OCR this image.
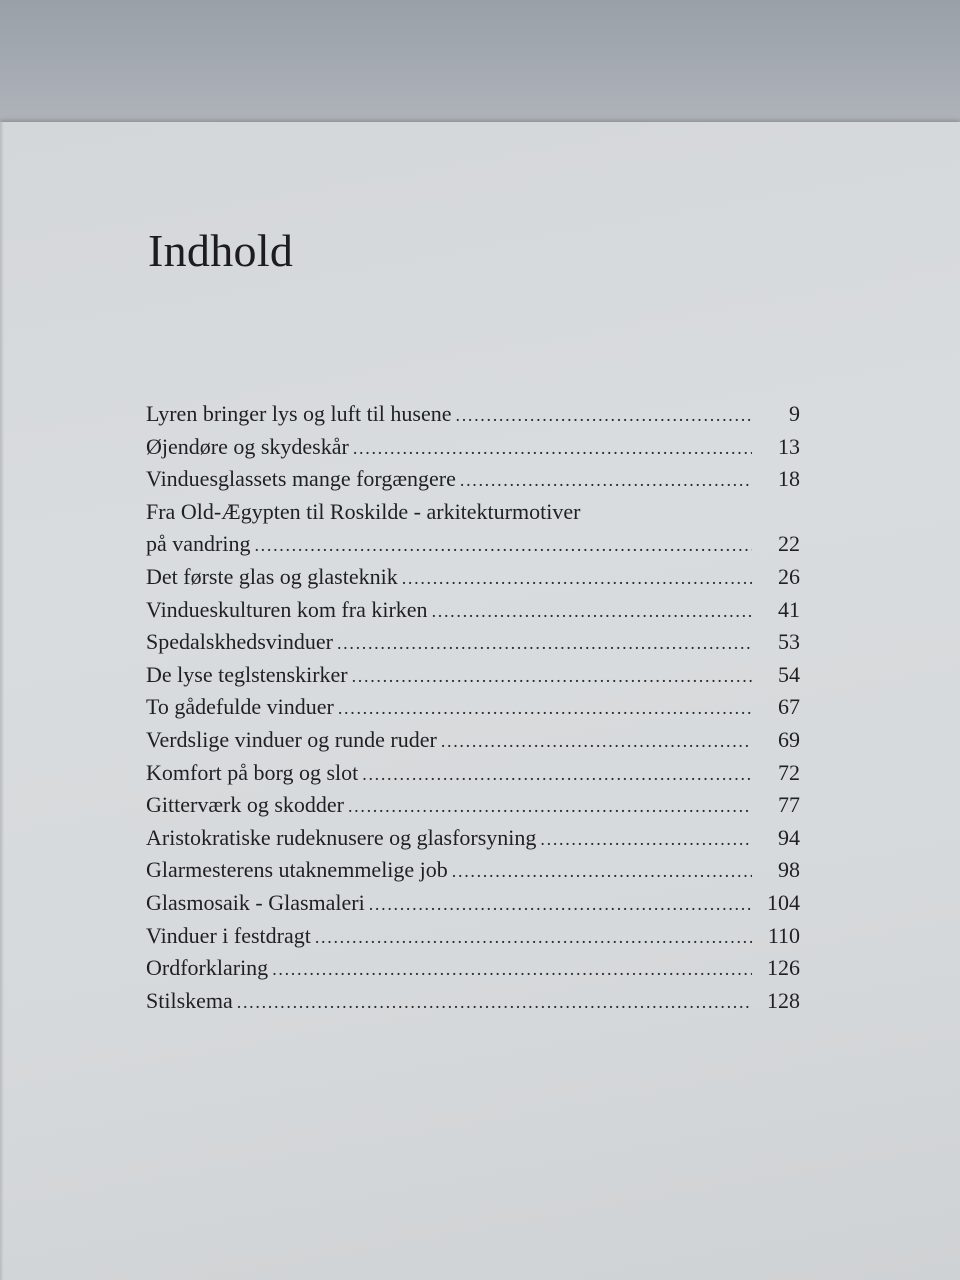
Indhold
Lyren bringer lys og luft til husene . . .	9
Øjendøre og skydeskår . . .	13
Vinduesglassets mange forgængere . . .	18
Fra Old-Ægypten til Roskilde - arkitekturmotiver
på vandring . . .	22
Det første glas og glasteknik . . .	26
Vindueskulturen kom fra kirken . . .	41
Spedalskhedsvinduer . . .	53
De lyse teglstenskirker . . .	54
To gådefulde vinduer . . .	67
Verdslige vinduer og runde ruder . . .	69
Komfort på borg og slot . . .	72
Gitterværk og skodder . . .	77
Aristokratiske rudeknusere og glasforsyning . . .	94
Glarmesterens utaknemmelige job . . .	98
Glasmosaik - Glasmaleri . . .	104
Vinduer i festdragt . . .	110
Ordforklaring . . .	126
Stilskema . . .	128
